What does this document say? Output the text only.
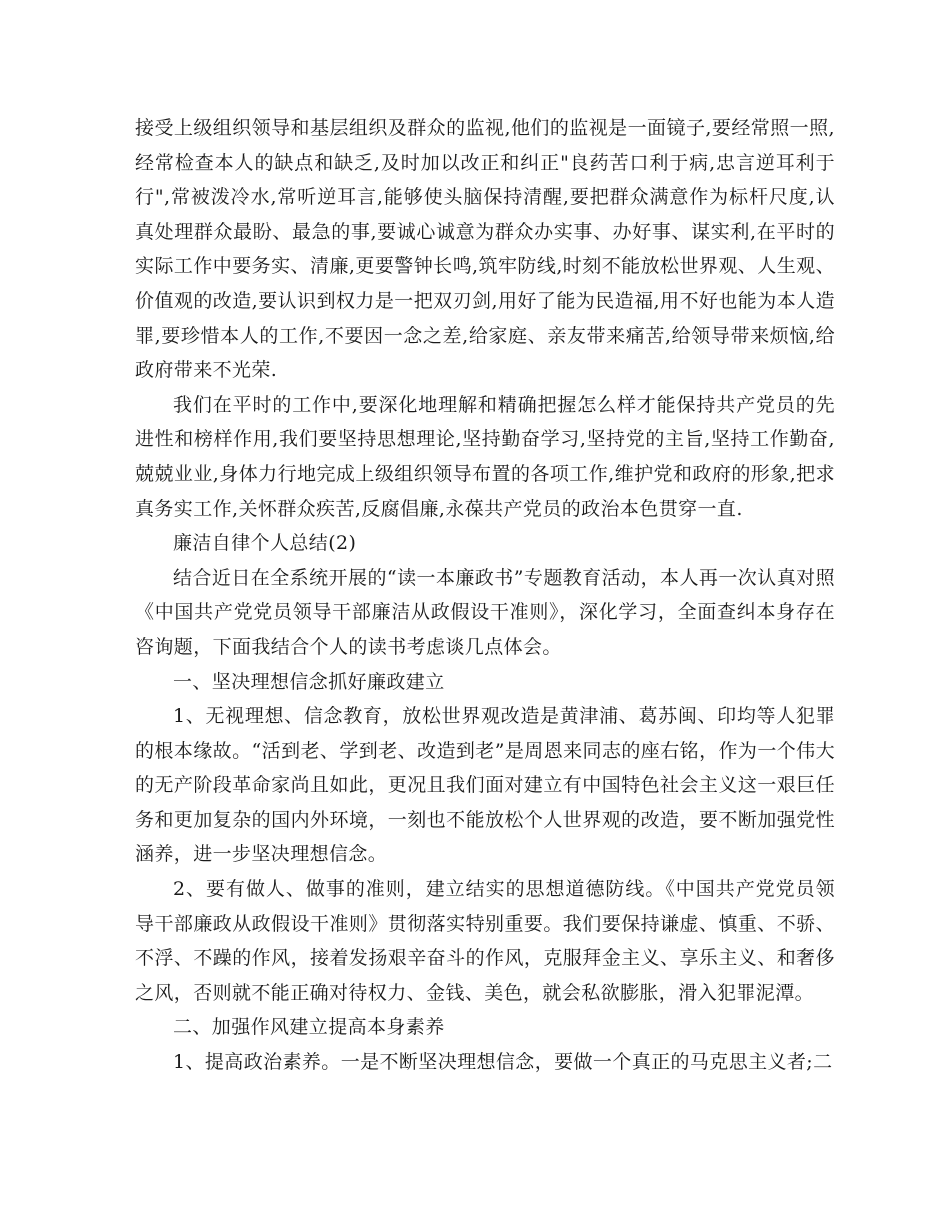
接受上级组织领导和基层组织及群众的监视,他们的监视是一面镜子,要经常照一照,经常检查本人的缺点和缺乏,及时加以改正和纠正"良药苦口利于病,忠言逆耳利于行",常被泼冷水,常听逆耳言,能够使头脑保持清醒,要把群众满意作为标杆尺度,认真处理群众最盼、最急的事,要诚心诚意为群众办实事、办好事、谋实利,在平时的实际工作中要务实、清廉,更要警钟长鸣,筑牢防线,时刻不能放松世界观、人生观、价值观的改造,要认识到权力是一把双刃剑,用好了能为民造福,用不好也能为本人造罪,要珍惜本人的工作,不要因一念之差,给家庭、亲友带来痛苦,给领导带来烦恼,给政府带来不光荣.

我们在平时的工作中,要深化地理解和精确把握怎么样才能保持共产党员的先进性和榜样作用,我们要坚持思想理论,坚持勤奋学习,坚持党的主旨,坚持工作勤奋,兢兢业业,身体力行地完成上级组织领导布置的各项工作,维护党和政府的形象,把求真务实工作,关怀群众疾苦,反腐倡廉,永葆共产党员的政治本色贯穿一直.

廉洁自律个人总结(2)

结合近日在全系统开展的“读一本廉政书”专题教育活动，本人再一次认真对照《中国共产党党员领导干部廉洁从政假设干准则》，深化学习，全面查纠本身存在咨询题，下面我结合个人的读书考虑谈几点体会。

一、坚决理想信念抓好廉政建立

1、无视理想、信念教育，放松世界观改造是黄津浦、葛苏闽、印均等人犯罪的根本缘故。“活到老、学到老、改造到老”是周恩来同志的座右铭，作为一个伟大的无产阶段革命家尚且如此，更况且我们面对建立有中国特色社会主义这一艰巨任务和更加复杂的国内外环境，一刻也不能放松个人世界观的改造，要不断加强党性涵养，进一步坚决理想信念。

2、要有做人、做事的准则，建立结实的思想道德防线。《中国共产党党员领导干部廉政从政假设干准则》贯彻落实特别重要。我们要保持谦虚、慎重、不骄、不浮、不躁的作风，接着发扬艰辛奋斗的作风，克服拜金主义、享乐主义、和奢侈之风，否则就不能正确对待权力、金钱、美色，就会私欲膨胀，滑入犯罪泥潭。

二、加强作风建立提高本身素养

1、提高政治素养。一是不断坚决理想信念，要做一个真正的马克思主义者;二
